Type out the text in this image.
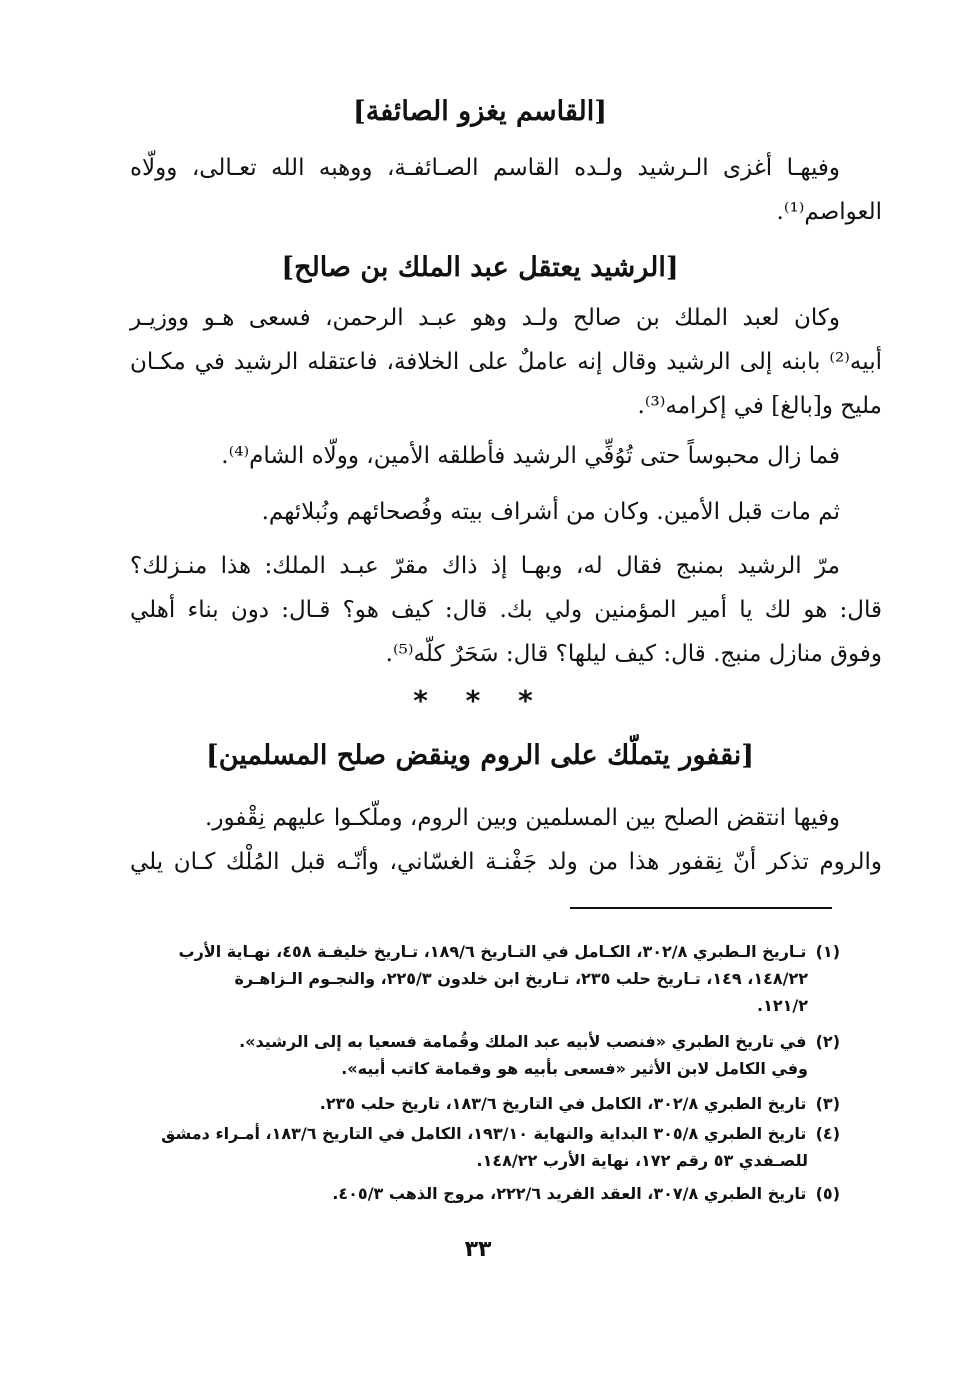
[القاسم يغزو الصائفة]
وفيهـا أغزى الـرشيد ولـده القاسم الصـائفـة، ووهبه الله تعـالى، وولّاه
العواصم⁽¹⁾.
[الرشيد يعتقل عبد الملك بن صالح]
وكان لعبد الملك بن صالح ولـد وهو عبـد الرحمن، فسعى هـو ووزيـر
أبيه⁽²⁾ بابنه إلى الرشيد وقال إنه عاملٌ على الخلافة، فاعتقله الرشيد في مكـان
مليح و[بالغ] في إكرامه⁽³⁾.
فما زال محبوساً حتى تُوُفِّي الرشيد فأطلقه الأمين، وولّاه الشام⁽⁴⁾.
ثم مات قبل الأمين. وكان من أشراف بيته وفُصحائهم ونُبلائهم.
مرّ الرشيد بمنبج فقال له، وبهـا إذ ذاك مقرّ عبـد الملك: هذا منـزلك؟
قال: هو لك يا أمير المؤمنين ولي بك. قال: كيف هو؟ قـال: دون بناء أهلي
وفوق منازل منبج. قال: كيف ليلها؟ قال: سَحَرٌ كلّه⁽⁵⁾.
* * *
[نقفور يتملّك على الروم وينقض صلح المسلمين]
وفيها انتقض الصلح بين المسلمين وبين الروم، وملّكـوا عليهم نِقْفور.
والروم تذكر أنّ نِقفور هذا من ولد جَفْنـة الغسّاني، وأنّـه قبل المُلْك كـان يلي
(١) تـاريخ الـطبري ٣٠٢/٨، الكـامل في التـاريخ ١٨٩/٦، تـاريخ خليفـة ٤٥٨، نهـاية الأرب
١٤٨/٢٢، ١٤٩، تـاريخ حلب ٢٣٥، تـاريخ ابن خلدون ٢٢٥/٣، والنجـوم الـزاهـرة
١٢١/٢.
(٢) في تاريخ الطبري «فنصب لأبيه عبد الملك وقُمامة فسعيا به إلى الرشيد».
وفي الكامل لابن الأثير «فسعى بأبيه هو وقمامة كاتب أبيه».
(٣) تاريخ الطبري ٣٠٢/٨، الكامل في التاريخ ١٨٣/٦، تاريخ حلب ٢٣٥.
(٤) تاريخ الطبري ٣٠٥/٨ البداية والنهاية ١٩٣/١٠، الكامل في التاريخ ١٨٣/٦، أمـراء دمشق
للصـفدي ٥٣ رقم ١٧٢، نهاية الأرب ١٤٨/٢٢.
(٥) تاريخ الطبري ٣٠٧/٨، العقد الفريد ٢٢٢/٦، مروج الذهب ٤٠٥/٣.
٣٣
